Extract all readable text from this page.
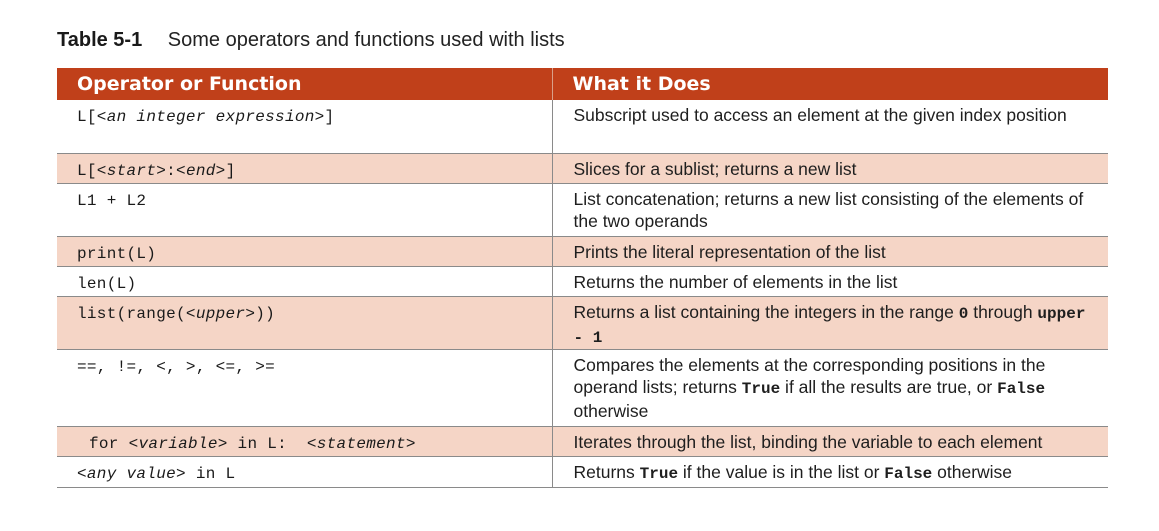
Table 5-1 Some operators and functions used with lists
Operator or Function	What it Does
L[<an integer expression>]	Subscript used to access an element at the given index position
L[<start>:<end>]	Slices for a sublist; returns a new list
L1 + L2	List concatenation; returns a new list consisting of the elements of the two operands
print(L)	Prints the literal representation of the list
len(L)	Returns the number of elements in the list
list(range(<upper>))	Returns a list containing the integers in the range 0 through upper - 1
==, !=, <, >, <=, >=	Compares the elements at the corresponding positions in the operand lists; returns True if all the results are true, or False otherwise
for <variable> in L:  <statement>	Iterates through the list, binding the variable to each element
<any value> in L	Returns True if the value is in the list or False otherwise
